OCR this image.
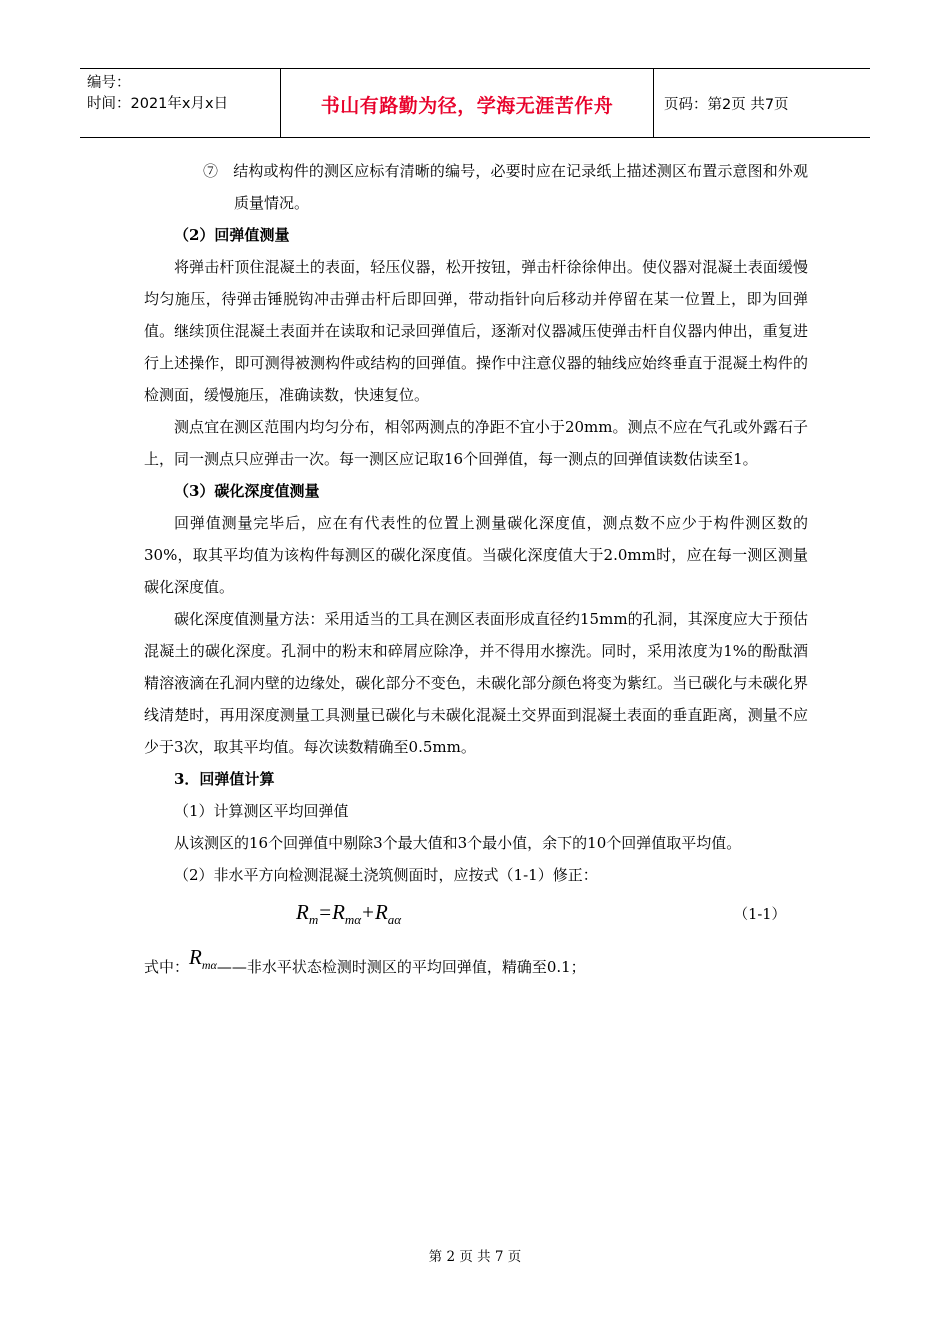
编号：
时间：2021年x月x日	书山有路勤为径，学海无涯苦作舟	页码：第2页 共7页

⑦　 结构或构件的测区应标有清晰的编号，必要时应在记录纸上描述测区布置示意图和外观质量情况。

（2）回弹值测量

将弹击杆顶住混凝土的表面，轻压仪器，松开按钮，弹击杆徐徐伸出。使仪器对混凝土表面缓慢均匀施压，待弹击锤脱钩冲击弹击杆后即回弹，带动指针向后移动并停留在某一位置上，即为回弹值。继续顶住混凝土表面并在读取和记录回弹值后，逐渐对仪器减压使弹击杆自仪器内伸出，重复进行上述操作，即可测得被测构件或结构的回弹值。操作中注意仪器的轴线应始终垂直于混凝土构件的检测面，缓慢施压，准确读数，快速复位。

测点宜在测区范围内均匀分布，相邻两测点的净距不宜小于20mm。测点不应在气孔或外露石子上，同一测点只应弹击一次。每一测区应记取16个回弹值，每一测点的回弹值读数估读至1。

（3）碳化深度值测量

回弹值测量完毕后，应在有代表性的位置上测量碳化深度值，测点数不应少于构件测区数的30%，取其平均值为该构件每测区的碳化深度值。当碳化深度值大于2.0mm时，应在每一测区测量碳化深度值。

碳化深度值测量方法：采用适当的工具在测区表面形成直径约15mm的孔洞，其深度应大于预估混凝土的碳化深度。孔洞中的粉末和碎屑应除净，并不得用水擦洗。同时，采用浓度为1%的酚酞酒精溶液滴在孔洞内壁的边缘处，碳化部分不变色，未碳化部分颜色将变为紫红。当已碳化与未碳化界线清楚时，再用深度测量工具测量已碳化与未碳化混凝土交界面到混凝土表面的垂直距离，测量不应少于3次，取其平均值。每次读数精确至0.5mm。

3．回弹值计算

（1）计算测区平均回弹值

从该测区的16个回弹值中剔除3个最大值和3个最小值，余下的10个回弹值取平均值。

（2）非水平方向检测混凝土浇筑侧面时，应按式（1-1）修正：

$R_m=R_{m\alpha}+R_{a\alpha}$	（1-1）

式中：$R_{m\alpha}——$非水平状态检测时测区的平均回弹值，精确至0.1；

第 2 页 共 7 页
